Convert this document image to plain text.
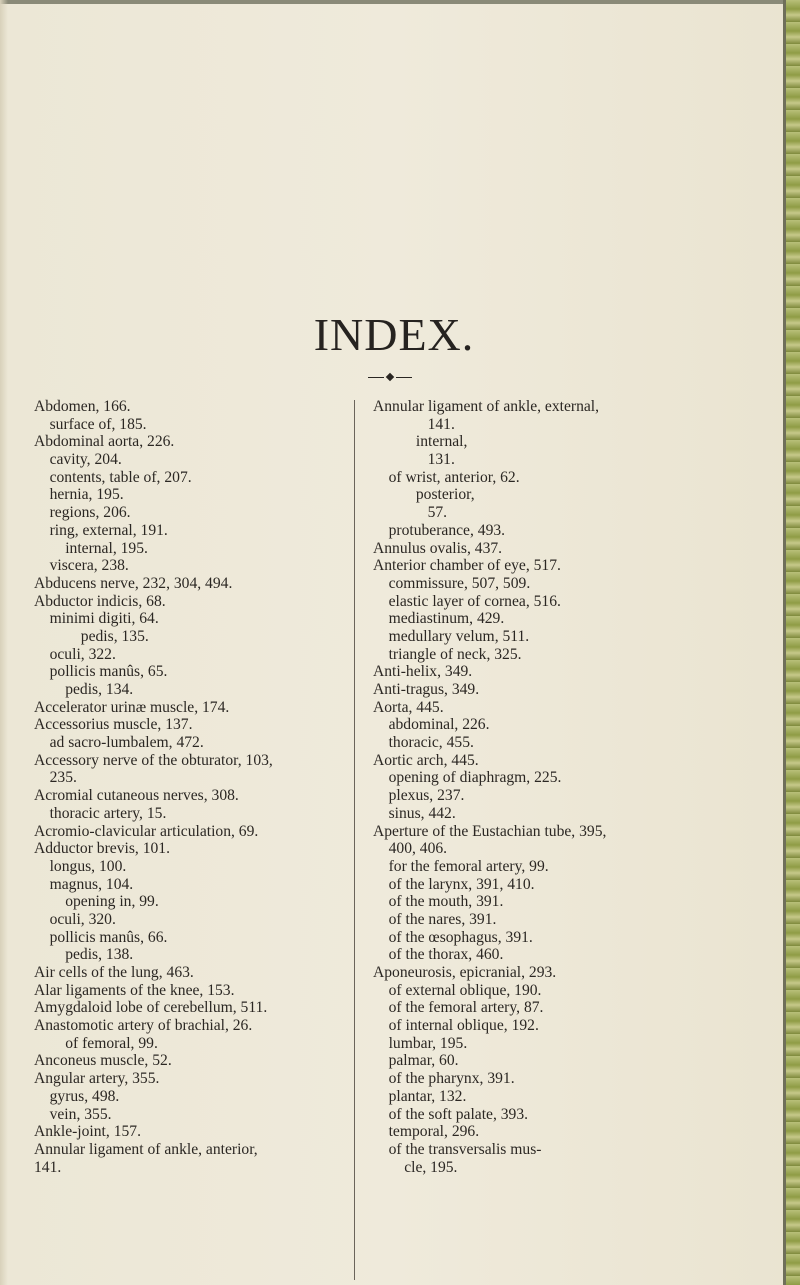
INDEX.
Abdomen, 166.
surface of, 185.
Abdominal aorta, 226.
cavity, 204.
contents, table of, 207.
hernia, 195.
regions, 206.
ring, external, 191.
internal, 195.
viscera, 238.
Abducens nerve, 232, 304, 494.
Abductor indicis, 68.
minimi digiti, 64.
pedis, 135.
oculi, 322.
pollicis manûs, 65.
pedis, 134.
Accelerator urinæ muscle, 174.
Accessorius muscle, 137.
ad sacro-lumbalem, 472.
Accessory nerve of the obturator, 103,
235.
Acromial cutaneous nerves, 308.
thoracic artery, 15.
Acromio-clavicular articulation, 69.
Adductor brevis, 101.
longus, 100.
magnus, 104.
opening in, 99.
oculi, 320.
pollicis manûs, 66.
pedis, 138.
Air cells of the lung, 463.
Alar ligaments of the knee, 153.
Amygdaloid lobe of cerebellum, 511.
Anastomotic artery of brachial, 26.
of femoral, 99.
Anconeus muscle, 52.
Angular artery, 355.
gyrus, 498.
vein, 355.
Ankle-joint, 157.
Annular ligament of ankle, anterior,
141.
Annular ligament of ankle, external,
141.
internal,
131.
of wrist, anterior, 62.
posterior,
57.
protuberance, 493.
Annulus ovalis, 437.
Anterior chamber of eye, 517.
commissure, 507, 509.
elastic layer of cornea, 516.
mediastinum, 429.
medullary velum, 511.
triangle of neck, 325.
Anti-helix, 349.
Anti-tragus, 349.
Aorta, 445.
abdominal, 226.
thoracic, 455.
Aortic arch, 445.
opening of diaphragm, 225.
plexus, 237.
sinus, 442.
Aperture of the Eustachian tube, 395,
400, 406.
for the femoral artery, 99.
of the larynx, 391, 410.
of the mouth, 391.
of the nares, 391.
of the œsophagus, 391.
of the thorax, 460.
Aponeurosis, epicranial, 293.
of external oblique, 190.
of the femoral artery, 87.
of internal oblique, 192.
lumbar, 195.
palmar, 60.
of the pharynx, 391.
plantar, 132.
of the soft palate, 393.
temporal, 296.
of the transversalis mus-
cle, 195.
